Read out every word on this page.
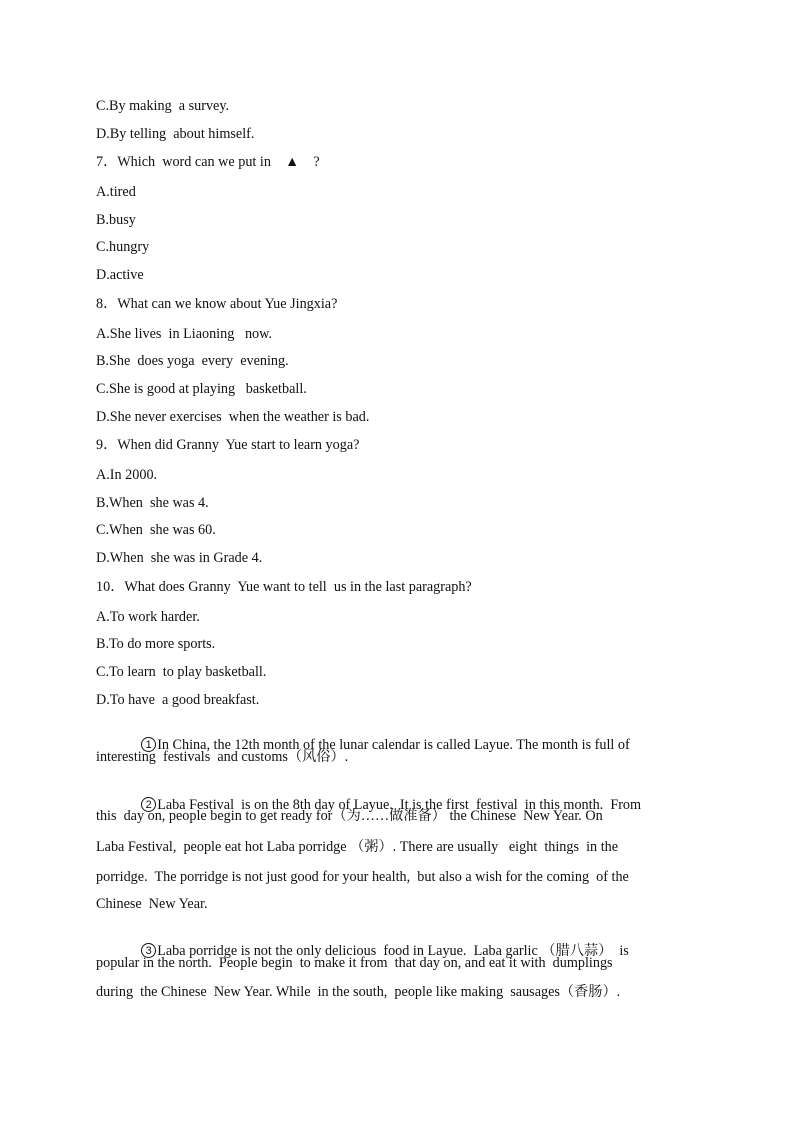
C.By making  a survey.
D.By telling  about himself.
7．Which  word can we put in    ▲    ?
A.tired
B.busy
C.hungry
D.active
8．What can we know about Yue Jingxia?
A.She lives  in Liaoning   now.
B.She  does yoga  every  evening.
C.She is good at playing   basketball.
D.She never exercises  when the weather is bad.
9．When did Granny  Yue start to learn yoga?
A.In 2000.
B.When  she was 4.
C.When  she was 60.
D.When  she was in Grade 4.
10．What does Granny  Yue want to tell  us in the last paragraph?
A.To work harder.
B.To do more sports.
C.To learn  to play basketball.
D.To have  a good breakfast.

1 In China, the 12th month of the lunar calendar is called Layue. The month is full of

interesting  festivals  and customs（风俗）.

2 Laba Festival  is on the 8th day of Layue.  It is the first  festival  in this month.  From

this  day on, people begin to get ready for（为……做准备） the Chinese  New Year. On
Laba Festival,  people eat hot Laba porridge （粥）. There are usually   eight  things  in the
porridge.  The porridge is not just good for your health,  but also a wish for the coming  of the
Chinese  New Year.

3 Laba porridge is not the only delicious  food in Layue.  Laba garlic （腊八蒜）  is

popular in the north.  People begin  to make it from  that day on, and eat it with  dumplings
during  the Chinese  New Year. While  in the south,  people like making  sausages（香肠）.
